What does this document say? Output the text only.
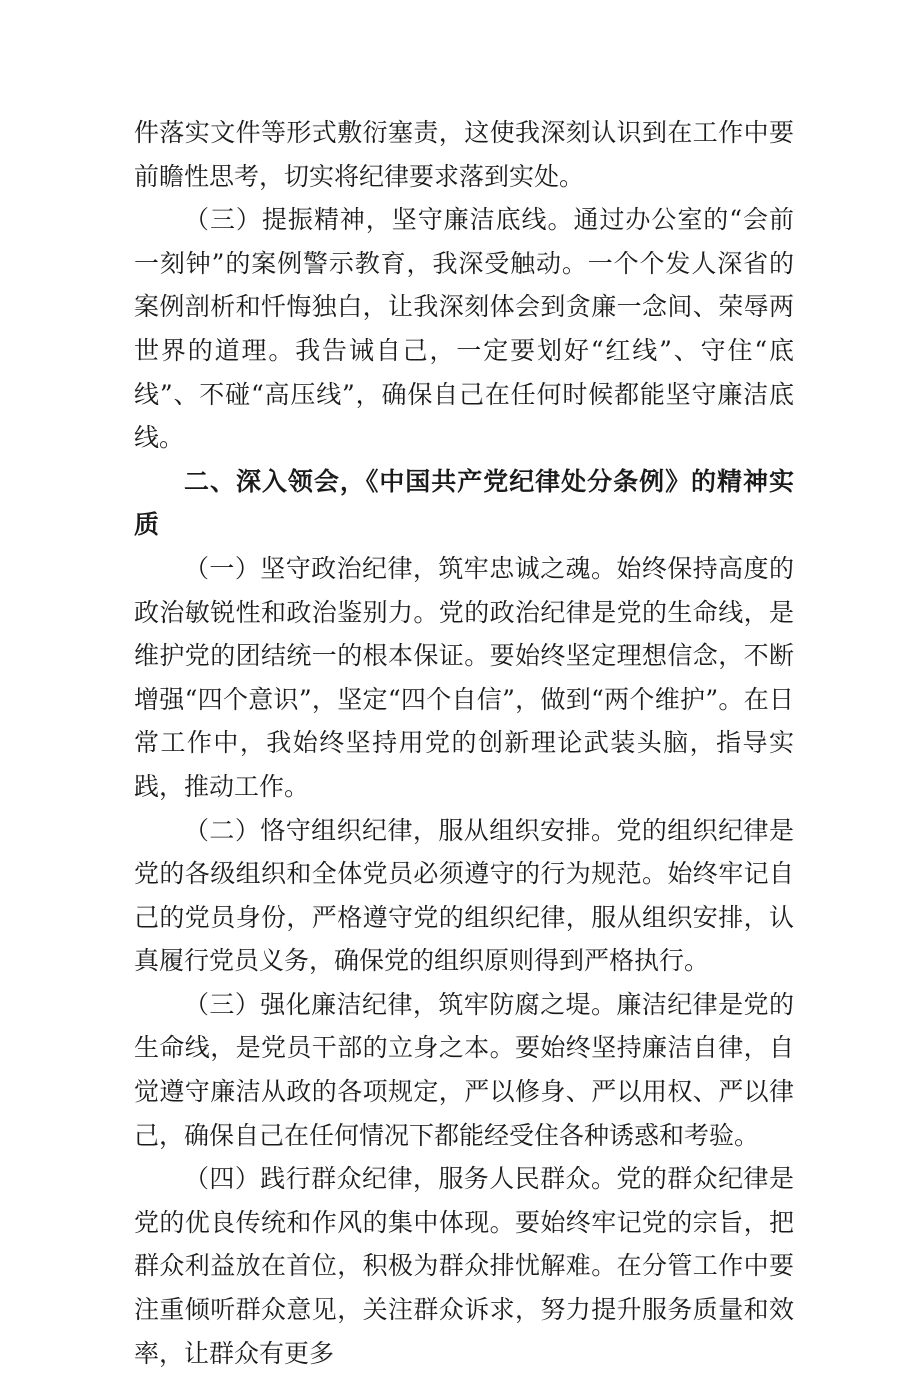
件落实文件等形式敷衍塞责，这使我深刻认识到在工作中要前瞻性思考，切实将纪律要求落到实处。

（三）提振精神，坚守廉洁底线。通过办公室的“会前一刻钟”的案例警示教育，我深受触动。一个个发人深省的案例剖析和忏悔独白，让我深刻体会到贪廉一念间、荣辱两世界的道理。我告诫自己，一定要划好“红线”、守住“底线”、不碰“高压线”，确保自己在任何时候都能坚守廉洁底线。

二、深入领会，《中国共产党纪律处分条例》的精神实质

（一）坚守政治纪律，筑牢忠诚之魂。始终保持高度的政治敏锐性和政治鉴别力。党的政治纪律是党的生命线，是维护党的团结统一的根本保证。要始终坚定理想信念，不断增强“四个意识”，坚定“四个自信”，做到“两个维护”。在日常工作中，我始终坚持用党的创新理论武装头脑，指导实践，推动工作。

（二）恪守组织纪律，服从组织安排。党的组织纪律是党的各级组织和全体党员必须遵守的行为规范。始终牢记自己的党员身份，严格遵守党的组织纪律，服从组织安排，认真履行党员义务，确保党的组织原则得到严格执行。

（三）强化廉洁纪律，筑牢防腐之堤。廉洁纪律是党的生命线，是党员干部的立身之本。要始终坚持廉洁自律，自觉遵守廉洁从政的各项规定，严以修身、严以用权、严以律己，确保自己在任何情况下都能经受住各种诱惑和考验。

（四）践行群众纪律，服务人民群众。党的群众纪律是党的优良传统和作风的集中体现。要始终牢记党的宗旨，把群众利益放在首位，积极为群众排忧解难。在分管工作中要注重倾听群众意见，关注群众诉求，努力提升服务质量和效率，让群众有更多
